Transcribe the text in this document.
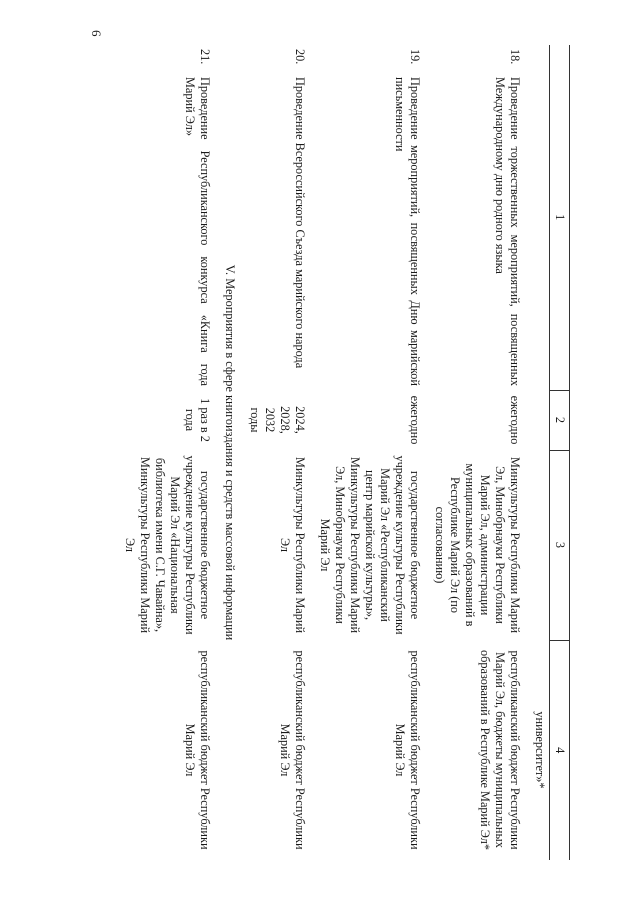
6
1		2	3	4
				университет»*
18.	Проведение торжественных мероприятий, посвященных Международному дню родного языка	ежегодно	Минкультуры Республики Марий Эл, Минобрнауки Республики Марий Эл, администрации муниципальных образований в Республике Марий Эл (по согласованию)	республиканский бюджет Республики Марий Эл, бюджеты муниципальных образований в Республике Марий Эл*
19.	Проведение мероприятий, посвященных Дню марийской письменности	ежегодно	государственное бюджетное учреждение культуры Республики Марий Эл «Республиканский центр марийской культуры», Минкультуры Республики Марий Эл, Минобрнауки Республики Марий Эл	республиканский бюджет Республики Марий Эл
20.	Проведение Всероссийского Съезда марийского народа	2024, 2028, 2032 годы	Минкультуры Республики Марий Эл	республиканский бюджет Республики Марий Эл
V. Мероприятия в сфере книгоиздания и средств массовой информации				
21.	Проведение Республиканского конкурса «Книга года Марий Эл»	1 раз в 2 года	государственное бюджетное учреждение культуры Республики Марий Эл «Национальная библиотека имени С.Г. Чавайна», Минкультуры Республики Марий Эл	республиканский бюджет Республики Марий Эл
